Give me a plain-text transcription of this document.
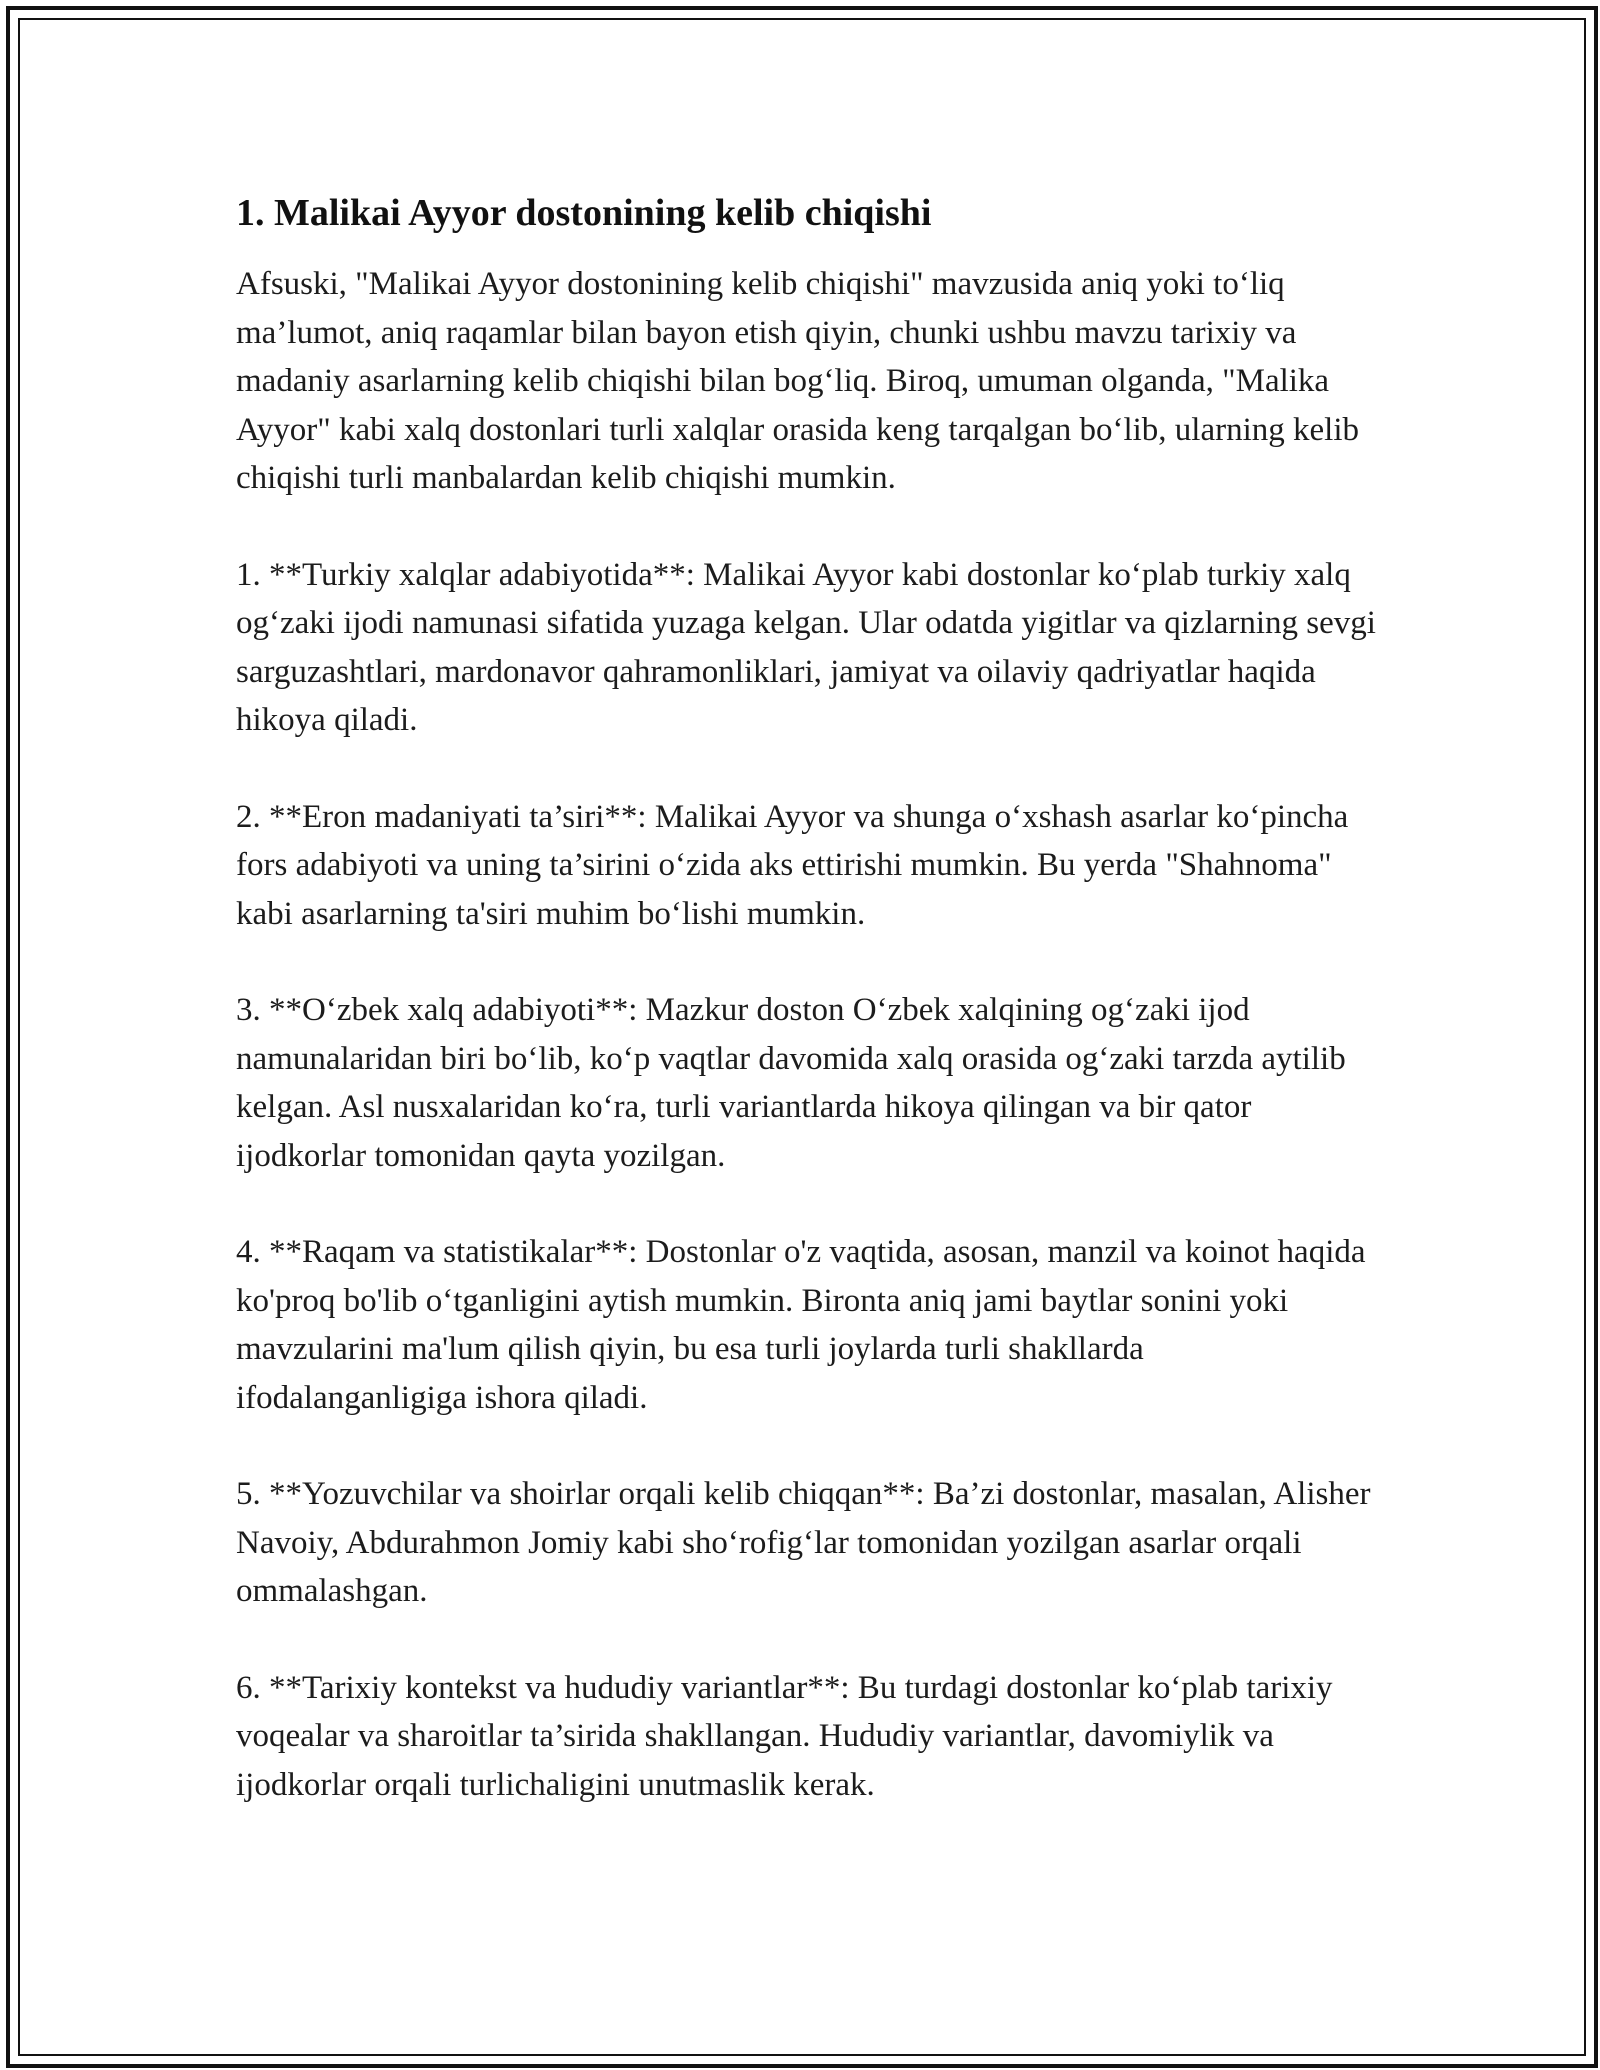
1. Malikai Ayyor dostonining kelib chiqishi

Afsuski, "Malikai Ayyor dostonining kelib chiqishi" mavzusida aniq yoki to‘liq ma’lumot, aniq raqamlar bilan bayon etish qiyin, chunki ushbu mavzu tarixiy va madaniy asarlarning kelib chiqishi bilan bog‘liq. Biroq, umuman olganda, "Malika Ayyor" kabi xalq dostonlari turli xalqlar orasida keng tarqalgan bo‘lib, ularning kelib chiqishi turli manbalardan kelib chiqishi mumkin.

1. **Turkiy xalqlar adabiyotida**: Malikai Ayyor kabi dostonlar ko‘plab turkiy xalq og‘zaki ijodi namunasi sifatida yuzaga kelgan. Ular odatda yigitlar va qizlarning sevgi sarguzashtlari, mardonavor qahramonliklari, jamiyat va oilaviy qadriyatlar haqida hikoya qiladi.

2. **Eron madaniyati ta’siri**: Malikai Ayyor va shunga o‘xshash asarlar ko‘pincha fors adabiyoti va uning ta’sirini o‘zida aks ettirishi mumkin. Bu yerda "Shahnoma" kabi asarlarning ta'siri muhim bo‘lishi mumkin.

3. **O‘zbek xalq adabiyoti**: Mazkur doston O‘zbek xalqining og‘zaki ijod namunalaridan biri bo‘lib, ko‘p vaqtlar davomida xalq orasida og‘zaki tarzda aytilib kelgan. Asl nusxalaridan ko‘ra, turli variantlarda hikoya qilingan va bir qator ijodkorlar tomonidan qayta yozilgan.

4. **Raqam va statistikalar**: Dostonlar o'z vaqtida, asosan, manzil va koinot haqida ko'proq bo'lib o‘tganligini aytish mumkin. Bironta aniq jami baytlar sonini yoki mavzularini ma'lum qilish qiyin, bu esa turli joylarda turli shakllarda ifodalanganligiga ishora qiladi.

5. **Yozuvchilar va shoirlar orqali kelib chiqqan**: Ba’zi dostonlar, masalan, Alisher Navoiy, Abdurahmon Jomiy kabi sho‘rofig‘lar tomonidan yozilgan asarlar orqali ommalashgan.

6. **Tarixiy kontekst va hududiy variantlar**: Bu turdagi dostonlar ko‘plab tarixiy voqealar va sharoitlar ta’sirida shakllangan. Hududiy variantlar, davomiylik va ijodkorlar orqali turlichaligini unutmaslik kerak.
